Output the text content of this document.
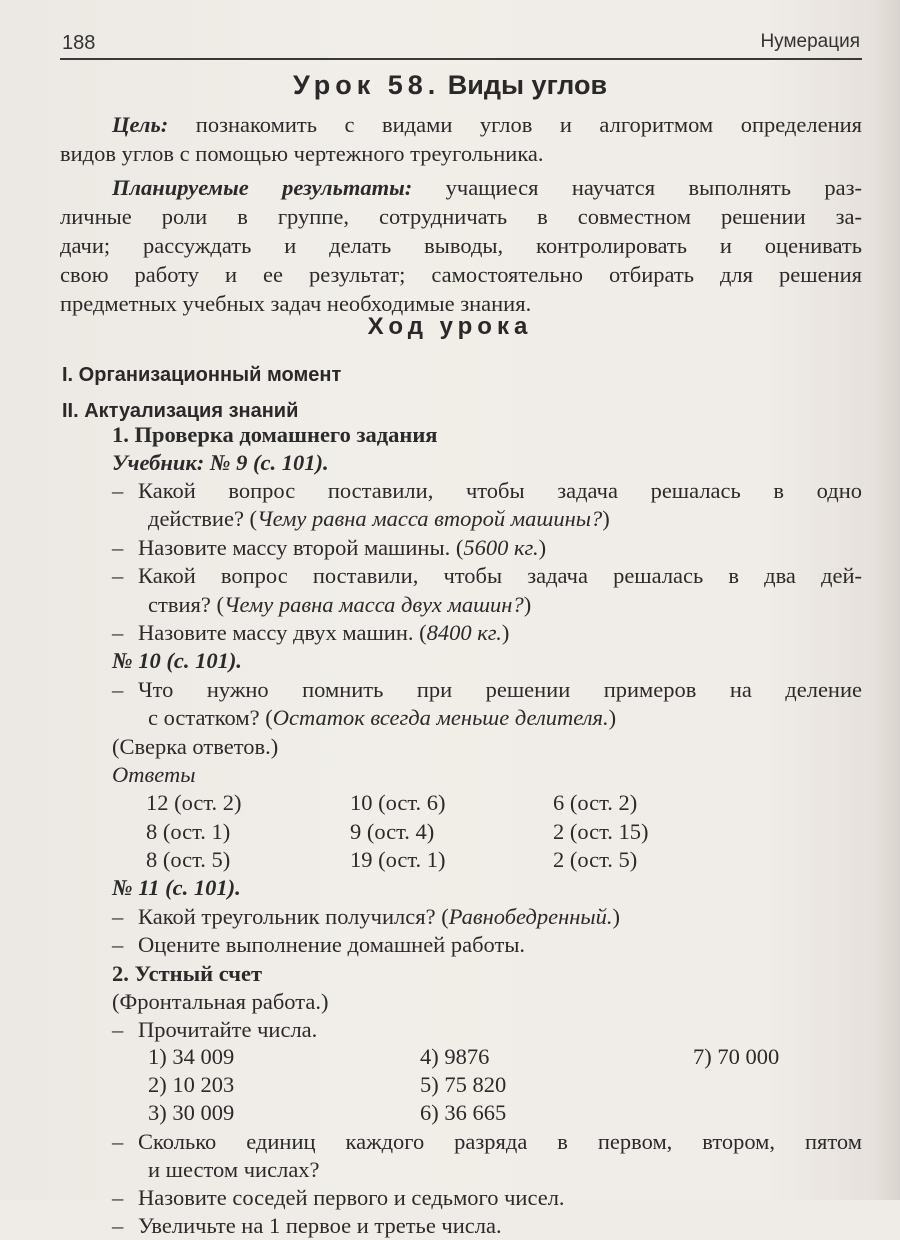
188	Нумерация
Урок 58. Виды углов
Цель: познакомить с видами углов и алгоритмом определения
видов углов с помощью чертежного треугольника.
Планируемые результаты: учащиеся научатся выполнять раз-
личные роли в группе, сотрудничать в совместном решении за-
дачи; рассуждать и делать выводы, контролировать и оценивать
свою работу и ее результат; самостоятельно отбирать для решения
предметных учебных задач необходимые знания.
Ход урока
I. Организационный момент
II. Актуализация знаний
1. Проверка домашнего задания
Учебник: № 9 (с. 101).
– Какой вопрос поставили, чтобы задача решалась в одно
действие? (Чему равна масса второй машины?)
– Назовите массу второй машины. (5600 кг.)
– Какой вопрос поставили, чтобы задача решалась в два дей-
ствия? (Чему равна масса двух машин?)
– Назовите массу двух машин. (8400 кг.)
№ 10 (с. 101).
– Что нужно помнить при решении примеров на деление
с остатком? (Остаток всегда меньше делителя.)
(Сверка ответов.)
Ответы
12 (ост. 2)	10 (ост. 6)	6 (ост. 2)
8 (ост. 1)	9 (ост. 4)	2 (ост. 15)
8 (ост. 5)	19 (ост. 1)	2 (ост. 5)
№ 11 (с. 101).
– Какой треугольник получился? (Равнобедренный.)
– Оцените выполнение домашней работы.
2. Устный счет
(Фронтальная работа.)
– Прочитайте числа.
1) 34 009	4) 9876	7) 70 000
2) 10 203	5) 75 820
3) 30 009	6) 36 665
– Сколько единиц каждого разряда в первом, втором, пятом
и шестом числах?
– Назовите соседей первого и седьмого чисел.
– Увеличьте на 1 первое и третье числа.
